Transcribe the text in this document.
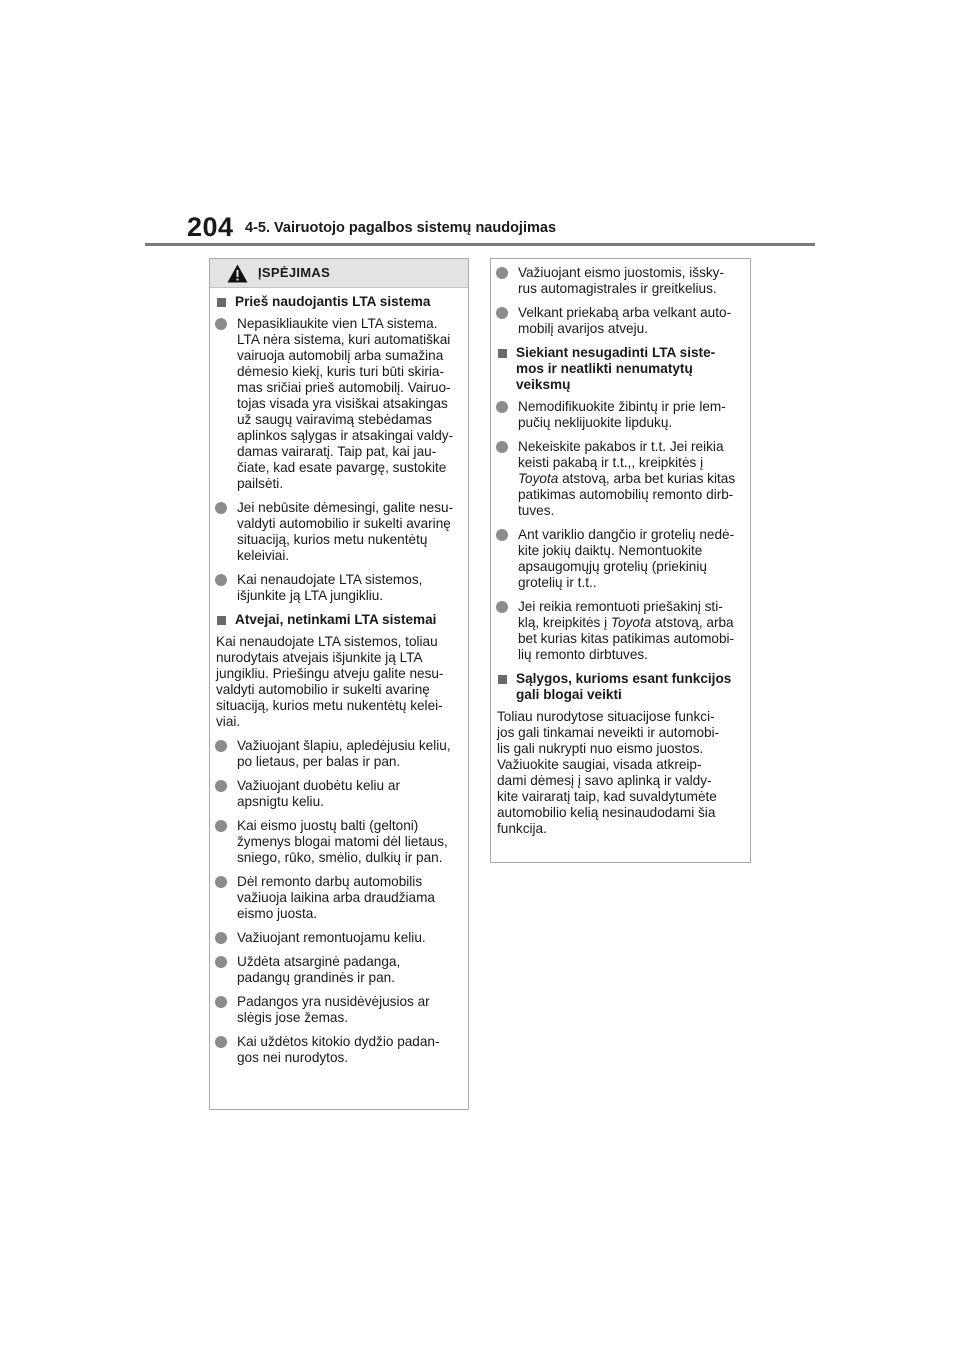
204 4-5. Vairuotojo pagalbos sistemų naudojimas
ĮSPĖJIMAS
Prieš naudojantis LTA sistema
Nepasikliaukite vien LTA sistema.
LTA nėra sistema, kuri automatiškai
vairuoja automobilį arba sumažina
dėmesio kiekį, kuris turi būti skiria-
mas sričiai prieš automobilį. Vairuo-
tojas visada yra visiškai atsakingas
už saugų vairavimą stebėdamas
aplinkos sąlygas ir atsakingai valdy-
damas vairaratį. Taip pat, kai jau-
čiate, kad esate pavargę, sustokite
pailsėti.
Jei nebūsite dėmesingi, galite nesu-
valdyti automobilio ir sukelti avarinę
situaciją, kurios metu nukentėtų
keleiviai.
Kai nenaudojate LTA sistemos,
išjunkite ją LTA jungikliu.
Atvejai, netinkami LTA sistemai
Kai nenaudojate LTA sistemos, toliau
nurodytais atvejais išjunkite ją LTA
jungikliu. Priešingu atveju galite nesu-
valdyti automobilio ir sukelti avarinę
situaciją, kurios metu nukentėtų kelei-
viai.
Važiuojant šlapiu, apledėjusiu keliu,
po lietaus, per balas ir pan.
Važiuojant duobėtu keliu ar
apsnigtu keliu.
Kai eismo juostų balti (geltoni)
žymenys blogai matomi dėl lietaus,
sniego, rūko, smėlio, dulkių ir pan.
Dėl remonto darbų automobilis
važiuoja laikina arba draudžiama
eismo juosta.
Važiuojant remontuojamu keliu.
Uždėta atsarginė padanga,
padangų grandinės ir pan.
Padangos yra nusidėvėjusios ar
slėgis jose žemas.
Kai uždėtos kitokio dydžio padan-
gos nei nurodytos.
Važiuojant eismo juostomis, išsky-
rus automagistrales ir greitkelius.
Velkant priekabą arba velkant auto-
mobilį avarijos atveju.
Siekiant nesugadinti LTA siste-
mos ir neatlikti nenumatytų
veiksmų
Nemodifikuokite žibintų ir prie lem-
pučių neklijuokite lipdukų.
Nekeiskite pakabos ir t.t. Jei reikia
keisti pakabą ir t.t.,, kreipkitės į
Toyota atstovą, arba bet kurias kitas
patikimas automobilių remonto dirb-
tuves.
Ant variklio dangčio ir grotelių nedė-
kite jokių daiktų. Nemontuokite
apsaugomųjų grotelių (priekinių
grotelių ir t.t..
Jei reikia remontuoti priešakinį sti-
klą, kreipkitės į Toyota atstovą, arba
bet kurias kitas patikimas automobi-
lių remonto dirbtuves.
Sąlygos, kurioms esant funkcijos
gali blogai veikti
Toliau nurodytose situacijose funkci-
jos gali tinkamai neveikti ir automobi-
lis gali nukrypti nuo eismo juostos.
Važiuokite saugiai, visada atkreip-
dami dėmesį į savo aplinką ir valdy-
kite vairaratį taip, kad suvaldytumėte
automobilio kelią nesinaudodami šia
funkcija.
